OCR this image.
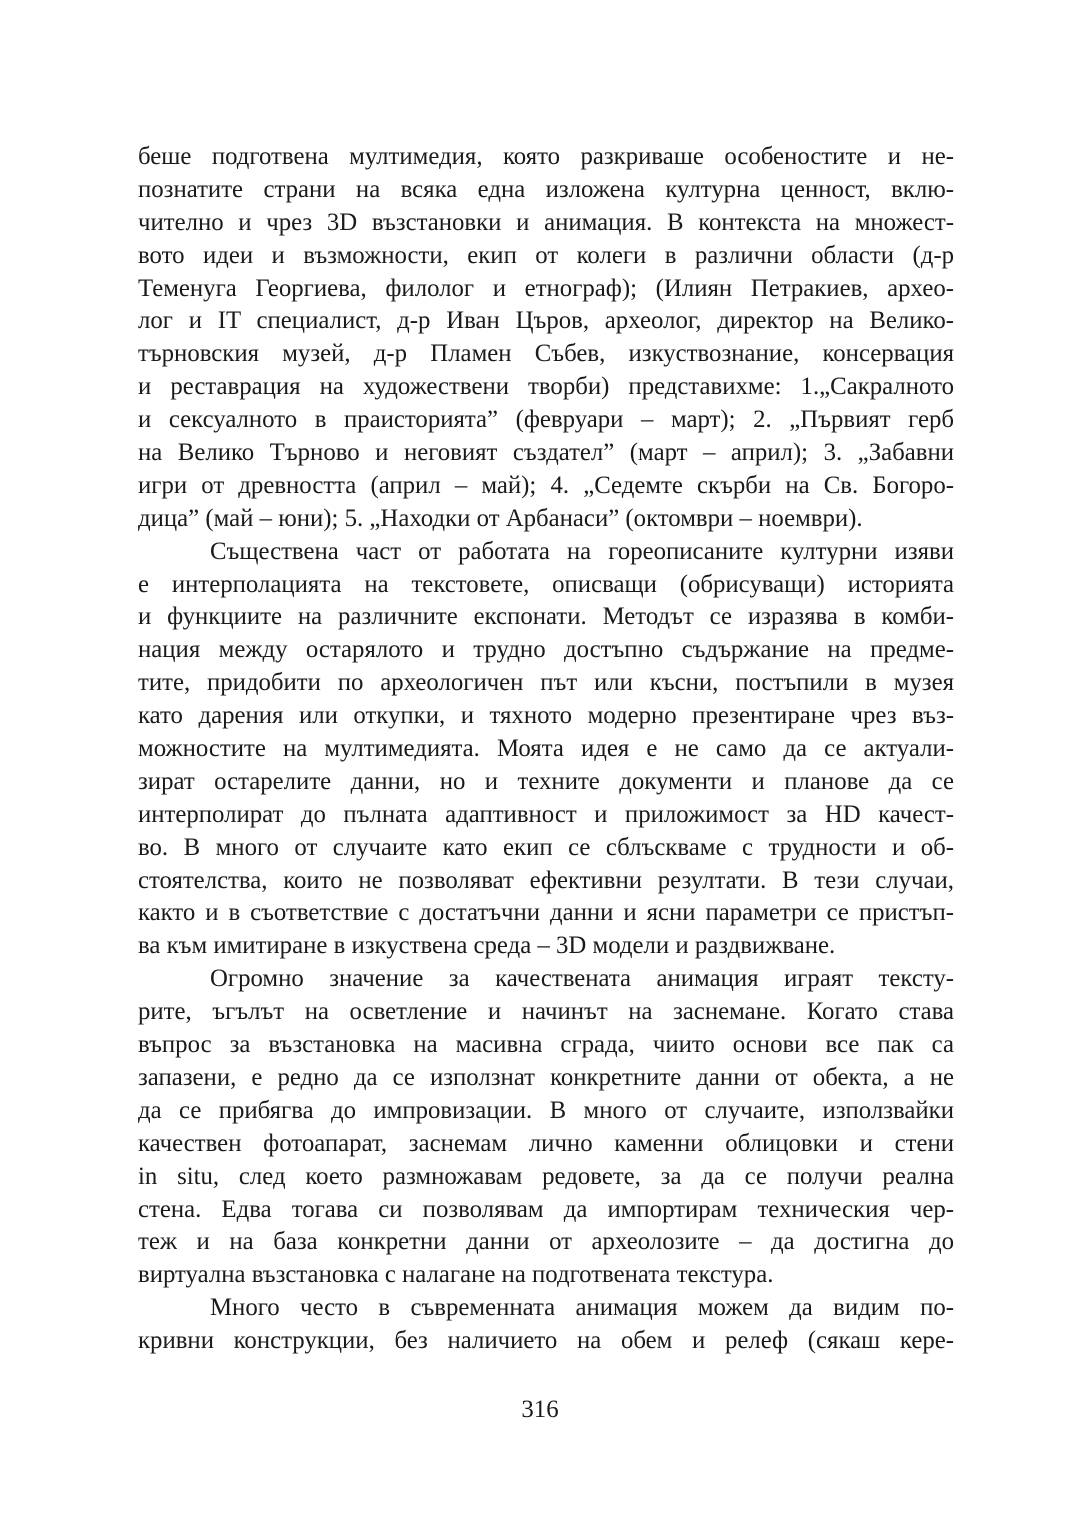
беше подготвена мултимедия, която разкриваше особеностите и не-
познатите страни на всяка една изложена културна ценност, вклю-
чително и чрез 3D възстановки и анимация. В контекста на множест-
вото идеи и възможности, екип от колеги в различни области (д-р
Теменуга Георгиева, филолог и етнограф); (Илиян Петракиев, архео-
лог и IT специалист, д-р Иван Църов, археолог, директор на Велико-
търновския музей, д-р Пламен Събев, изкуствознание, консервация
и реставрация на художествени творби) представихме: 1.„Сакралното
и сексуалното в праисторията” (февруари – март); 2. „Първият герб
на Велико Търново и неговият създател” (март – април); 3. „Забавни
игри от древността (април – май); 4. „Седемте скърби на Св. Богоро-
дица” (май – юни); 5. „Находки от Арбанаси” (октомври – ноември).
Съществена част от работата на гореописаните културни изяви
е интерполацията на текстовете, описващи (обрисуващи) историята
и функциите на различните експонати. Методът се изразява в комби-
нация между остарялото и трудно достъпно съдържание на предме-
тите, придобити по археологичен път или късни, постъпили в музея
като дарения или откупки, и тяхното модерно презентиране чрез въз-
можностите на мултимедията. Моята идея е не само да се актуали-
зират остарелите данни, но и техните документи и планове да се
интерполират до пълната адаптивност и приложимост за HD качест-
во. В много от случаите като екип се сблъскваме с трудности и об-
стоятелства, които не позволяват ефективни резултати. В тези случаи,
както и в съответствие с достатъчни данни и ясни параметри се пристъп-
ва към имитиране в изкуствена среда – 3D модели и раздвижване.
Огромно значение за качествената анимация играят тексту-
рите, ъгълът на осветление и начинът на заснемане. Когато става
въпрос за възстановка на масивна сграда, чиито основи все пак са
запазени, е редно да се използнат конкретните данни от обекта, а не
да се прибягва до импровизации. В много от случаите, използвайки
качествен фотоапарат, заснемам лично каменни облицовки и стени
in situ, след което размножавам редовете, за да се получи реална
стена. Едва тогава си позволявам да импортирам техническия чер-
теж и на база конкретни данни от археолозите – да достигна до
виртуална възстановка с налагане на подготвената текстура.
Много често в съвременната анимация можем да видим по-
кривни конструкции, без наличието на обем и релеф (сякаш кере-
316
